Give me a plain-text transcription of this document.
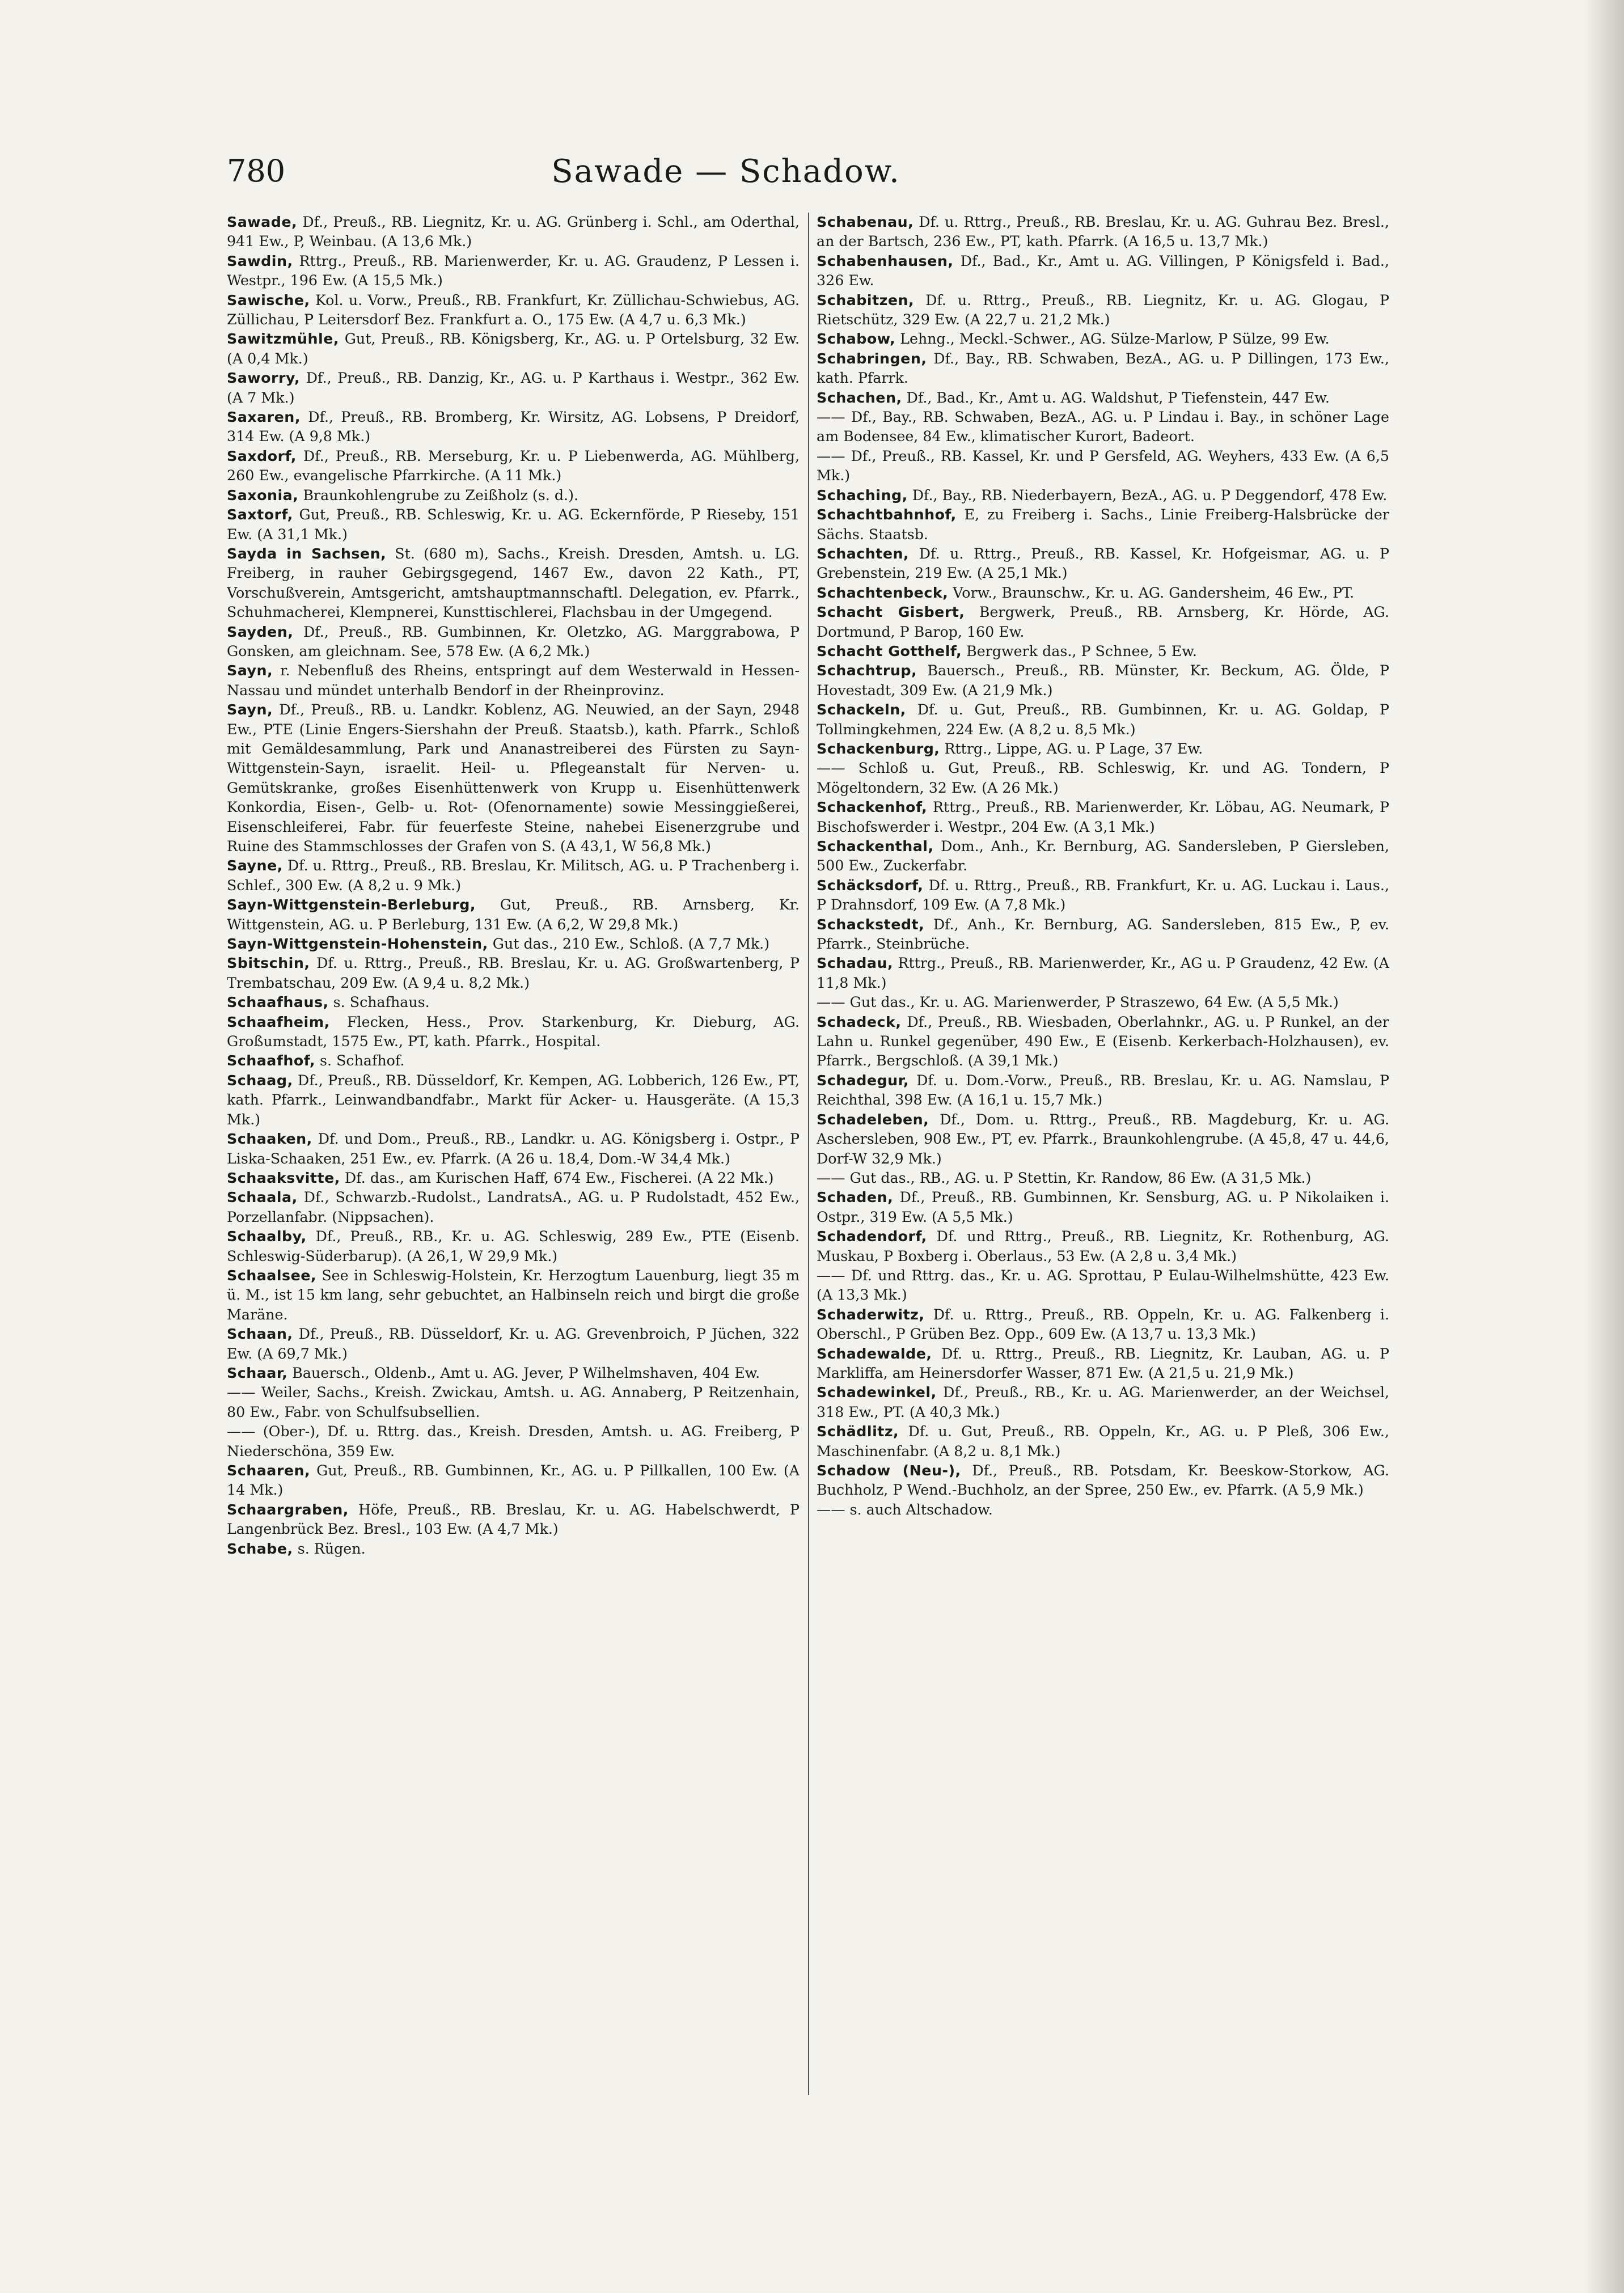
780	Sawade — Schadow.

Sawade, Df., Preuß., RB. Liegnitz, Kr. u. AG. Grünberg i. Schl., am Oderthal, 941 Ew., P, Weinbau. (A 13,6 Mk.)

Sawdin, Rttrg., Preuß., RB. Marienwerder, Kr. u. AG. Graudenz, P Lessen i. Westpr., 196 Ew. (A 15,5 Mk.)

Sawische, Kol. u. Vorw., Preuß., RB. Frankfurt, Kr. Züllichau-Schwiebus, AG. Züllichau, P Leitersdorf Bez. Frankfurt a. O., 175 Ew. (A 4,7 u. 6,3 Mk.)

Sawitzmühle, Gut, Preuß., RB. Königsberg, Kr., AG. u. P Ortelsburg, 32 Ew. (A 0,4 Mk.)

Saworry, Df., Preuß., RB. Danzig, Kr., AG. u. P Karthaus i. Westpr., 362 Ew. (A 7 Mk.)

Saxaren, Df., Preuß., RB. Bromberg, Kr. Wirsitz, AG. Lobsens, P Dreidorf, 314 Ew. (A 9,8 Mk.)

Saxdorf, Df., Preuß., RB. Merseburg, Kr. u. P Liebenwerda, AG. Mühlberg, 260 Ew., evangelische Pfarrkirche. (A 11 Mk.)

Saxonia, Braunkohlengrube zu Zeißholz (s. d.).

Saxtorf, Gut, Preuß., RB. Schleswig, Kr. u. AG. Eckernförde, P Rieseby, 151 Ew. (A 31,1 Mk.)

Sayda in Sachsen, St. (680 m), Sachs., Kreish. Dresden, Amtsh. u. LG. Freiberg, in rauher Gebirgsgegend, 1467 Ew., davon 22 Kath., PT, Vorschußverein, Amtsgericht, amtshauptmannschaftl. Delegation, ev. Pfarrk., Schuhmacherei, Klempnerei, Kunsttischlerei, Flachsbau in der Umgegend.

Sayden, Df., Preuß., RB. Gumbinnen, Kr. Oletzko, AG. Marggrabowa, P Gonsken, am gleichnam. See, 578 Ew. (A 6,2 Mk.)

Sayn, r. Nebenfluß des Rheins, entspringt auf dem Westerwald in Hessen-Nassau und mündet unterhalb Bendorf in der Rheinprovinz.

Sayn, Df., Preuß., RB. u. Landkr. Koblenz, AG. Neuwied, an der Sayn, 2948 Ew., PTE (Linie Engers-Siershahn der Preuß. Staatsb.), kath. Pfarrk., Schloß mit Gemäldesammlung, Park und Ananastreiberei des Fürsten zu Sayn-Wittgenstein-Sayn, israelit. Heil- u. Pflegeanstalt für Nerven- u. Gemütskranke, großes Eisenhüttenwerk von Krupp u. Eisenhüttenwerk Konkordia, Eisen-, Gelb- u. Rot- (Ofenornamente) sowie Messinggießerei, Eisenschleiferei, Fabr. für feuerfeste Steine, nahebei Eisenerzgrube und Ruine des Stammschlosses der Grafen von S. (A 43,1, W 56,8 Mk.)

Sayne, Df. u. Rttrg., Preuß., RB. Breslau, Kr. Militsch, AG. u. P Trachenberg i. Schlef., 300 Ew. (A 8,2 u. 9 Mk.)

Sayn-Wittgenstein-Berleburg, Gut, Preuß., RB. Arnsberg, Kr. Wittgenstein, AG. u. P Berleburg, 131 Ew. (A 6,2, W 29,8 Mk.)

Sayn-Wittgenstein-Hohenstein, Gut das., 210 Ew., Schloß. (A 7,7 Mk.)

Sbitschin, Df. u. Rttrg., Preuß., RB. Breslau, Kr. u. AG. Großwartenberg, P Trembatschau, 209 Ew. (A 9,4 u. 8,2 Mk.)

Schaafhaus, s. Schafhaus.

Schaafheim, Flecken, Hess., Prov. Starkenburg, Kr. Dieburg, AG. Großumstadt, 1575 Ew., PT, kath. Pfarrk., Hospital.

Schaafhof, s. Schafhof.

Schaag, Df., Preuß., RB. Düsseldorf, Kr. Kempen, AG. Lobberich, 126 Ew., PT, kath. Pfarrk., Leinwandbandfabr., Markt für Acker- u. Hausgeräte. (A 15,3 Mk.)

Schaaken, Df. und Dom., Preuß., RB., Landkr. u. AG. Königsberg i. Ostpr., P Liska-Schaaken, 251 Ew., ev. Pfarrk. (A 26 u. 18,4, Dom.-W 34,4 Mk.)

Schaaksvitte, Df. das., am Kurischen Haff, 674 Ew., Fischerei. (A 22 Mk.)

Schaala, Df., Schwarzb.-Rudolst., LandratsA., AG. u. P Rudolstadt, 452 Ew., Porzellanfabr. (Nippsachen).

Schaalby, Df., Preuß., RB., Kr. u. AG. Schleswig, 289 Ew., PTE (Eisenb. Schleswig-Süderbarup). (A 26,1, W 29,9 Mk.)

Schaalsee, See in Schleswig-Holstein, Kr. Herzogtum Lauenburg, liegt 35 m ü. M., ist 15 km lang, sehr gebuchtet, an Halbinseln reich und birgt die große Maräne.

Schaan, Df., Preuß., RB. Düsseldorf, Kr. u. AG. Grevenbroich, P Jüchen, 322 Ew. (A 69,7 Mk.)

Schaar, Bauersch., Oldenb., Amt u. AG. Jever, P Wilhelmshaven, 404 Ew.

—— Weiler, Sachs., Kreish. Zwickau, Amtsh. u. AG. Annaberg, P Reitzenhain, 80 Ew., Fabr. von Schulfsubsellien.

—— (Ober-), Df. u. Rttrg. das., Kreish. Dresden, Amtsh. u. AG. Freiberg, P Niederschöna, 359 Ew.

Schaaren, Gut, Preuß., RB. Gumbinnen, Kr., AG. u. P Pillkallen, 100 Ew. (A 14 Mk.)

Schaargraben, Höfe, Preuß., RB. Breslau, Kr. u. AG. Habelschwerdt, P Langenbrück Bez. Bresl., 103 Ew. (A 4,7 Mk.)

Schabe, s. Rügen.

Schabenau, Df. u. Rttrg., Preuß., RB. Breslau, Kr. u. AG. Guhrau Bez. Bresl., an der Bartsch, 236 Ew., PT, kath. Pfarrk. (A 16,5 u. 13,7 Mk.)

Schabenhausen, Df., Bad., Kr., Amt u. AG. Villingen, P Königsfeld i. Bad., 326 Ew.

Schabitzen, Df. u. Rttrg., Preuß., RB. Liegnitz, Kr. u. AG. Glogau, P Rietschütz, 329 Ew. (A 22,7 u. 21,2 Mk.)

Schabow, Lehng., Meckl.-Schwer., AG. Sülze-Marlow, P Sülze, 99 Ew.

Schabringen, Df., Bay., RB. Schwaben, BezA., AG. u. P Dillingen, 173 Ew., kath. Pfarrk.

Schachen, Df., Bad., Kr., Amt u. AG. Waldshut, P Tiefenstein, 447 Ew.

—— Df., Bay., RB. Schwaben, BezA., AG. u. P Lindau i. Bay., in schöner Lage am Bodensee, 84 Ew., klimatischer Kurort, Badeort.

—— Df., Preuß., RB. Kassel, Kr. und P Gersfeld, AG. Weyhers, 433 Ew. (A 6,5 Mk.)

Schaching, Df., Bay., RB. Niederbayern, BezA., AG. u. P Deggendorf, 478 Ew.

Schachtbahnhof, E, zu Freiberg i. Sachs., Linie Freiberg-Halsbrücke der Sächs. Staatsb.

Schachten, Df. u. Rttrg., Preuß., RB. Kassel, Kr. Hofgeismar, AG. u. P Grebenstein, 219 Ew. (A 25,1 Mk.)

Schachtenbeck, Vorw., Braunschw., Kr. u. AG. Gandersheim, 46 Ew., PT.

Schacht Gisbert, Bergwerk, Preuß., RB. Arnsberg, Kr. Hörde, AG. Dortmund, P Barop, 160 Ew.

Schacht Gotthelf, Bergwerk das., P Schnee, 5 Ew.

Schachtrup, Bauersch., Preuß., RB. Münster, Kr. Beckum, AG. Ölde, P Hovestadt, 309 Ew. (A 21,9 Mk.)

Schackeln, Df. u. Gut, Preuß., RB. Gumbinnen, Kr. u. AG. Goldap, P Tollmingkehmen, 224 Ew. (A 8,2 u. 8,5 Mk.)

Schackenburg, Rttrg., Lippe, AG. u. P Lage, 37 Ew.

—— Schloß u. Gut, Preuß., RB. Schleswig, Kr. und AG. Tondern, P Mögeltondern, 32 Ew. (A 26 Mk.)

Schackenhof, Rttrg., Preuß., RB. Marienwerder, Kr. Löbau, AG. Neumark, P Bischofswerder i. Westpr., 204 Ew. (A 3,1 Mk.)

Schackenthal, Dom., Anh., Kr. Bernburg, AG. Sandersleben, P Giersleben, 500 Ew., Zuckerfabr.

Schäcksdorf, Df. u. Rttrg., Preuß., RB. Frankfurt, Kr. u. AG. Luckau i. Laus., P Drahnsdorf, 109 Ew. (A 7,8 Mk.)

Schackstedt, Df., Anh., Kr. Bernburg, AG. Sandersleben, 815 Ew., P, ev. Pfarrk., Steinbrüche.

Schadau, Rttrg., Preuß., RB. Marienwerder, Kr., AG u. P Graudenz, 42 Ew. (A 11,8 Mk.)

—— Gut das., Kr. u. AG. Marienwerder, P Straszewo, 64 Ew. (A 5,5 Mk.)

Schadeck, Df., Preuß., RB. Wiesbaden, Oberlahnkr., AG. u. P Runkel, an der Lahn u. Runkel gegenüber, 490 Ew., E (Eisenb. Kerkerbach-Holzhausen), ev. Pfarrk., Bergschloß. (A 39,1 Mk.)

Schadegur, Df. u. Dom.-Vorw., Preuß., RB. Breslau, Kr. u. AG. Namslau, P Reichthal, 398 Ew. (A 16,1 u. 15,7 Mk.)

Schadeleben, Df., Dom. u. Rttrg., Preuß., RB. Magdeburg, Kr. u. AG. Aschersleben, 908 Ew., PT, ev. Pfarrk., Braunkohlengrube. (A 45,8, 47 u. 44,6, Dorf-W 32,9 Mk.)

—— Gut das., RB., AG. u. P Stettin, Kr. Randow, 86 Ew. (A 31,5 Mk.)

Schaden, Df., Preuß., RB. Gumbinnen, Kr. Sensburg, AG. u. P Nikolaiken i. Ostpr., 319 Ew. (A 5,5 Mk.)

Schadendorf, Df. und Rttrg., Preuß., RB. Liegnitz, Kr. Rothenburg, AG. Muskau, P Boxberg i. Oberlaus., 53 Ew. (A 2,8 u. 3,4 Mk.)

—— Df. und Rttrg. das., Kr. u. AG. Sprottau, P Eulau-Wilhelmshütte, 423 Ew. (A 13,3 Mk.)

Schaderwitz, Df. u. Rttrg., Preuß., RB. Oppeln, Kr. u. AG. Falkenberg i. Oberschl., P Grüben Bez. Opp., 609 Ew. (A 13,7 u. 13,3 Mk.)

Schadewalde, Df. u. Rttrg., Preuß., RB. Liegnitz, Kr. Lauban, AG. u. P Markliffa, am Heinersdorfer Wasser, 871 Ew. (A 21,5 u. 21,9 Mk.)

Schadewinkel, Df., Preuß., RB., Kr. u. AG. Marienwerder, an der Weichsel, 318 Ew., PT. (A 40,3 Mk.)

Schädlitz, Df. u. Gut, Preuß., RB. Oppeln, Kr., AG. u. P Pleß, 306 Ew., Maschinenfabr. (A 8,2 u. 8,1 Mk.)

Schadow (Neu-), Df., Preuß., RB. Potsdam, Kr. Beeskow-Storkow, AG. Buchholz, P Wend.-Buchholz, an der Spree, 250 Ew., ev. Pfarrk. (A 5,9 Mk.)

—— s. auch Altschadow.
